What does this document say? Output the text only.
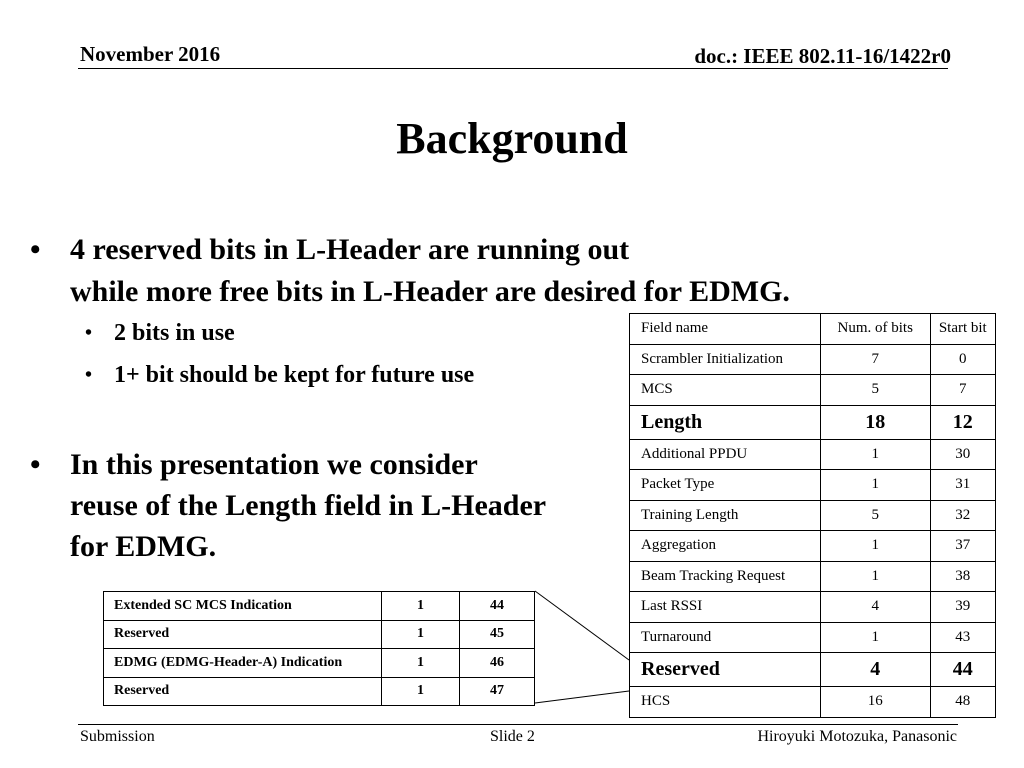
November 2016	doc.: IEEE 802.11-16/1422r0
Background
• 4 reserved bits in L-Header are running out
while more free bits in L-Header are desired for EDMG.
• 2 bits in use
• 1+ bit should be kept for future use
• In this presentation we consider
reuse of the Length field in L-Header
for EDMG.
Field name	Num. of bits	Start bit
Scrambler Initialization	7	0
MCS	5	7
Length	18	12
Additional PPDU	1	30
Packet Type	1	31
Training Length	5	32
Aggregation	1	37
Beam Tracking Request	1	38
Last RSSI	4	39
Turnaround	1	43
Reserved	4	44
HCS	16	48
Extended SC MCS Indication	1	44
Reserved	1	45
EDMG (EDMG-Header-A) Indication	1	46
Reserved	1	47
Submission	Slide 2	Hiroyuki Motozuka, Panasonic
